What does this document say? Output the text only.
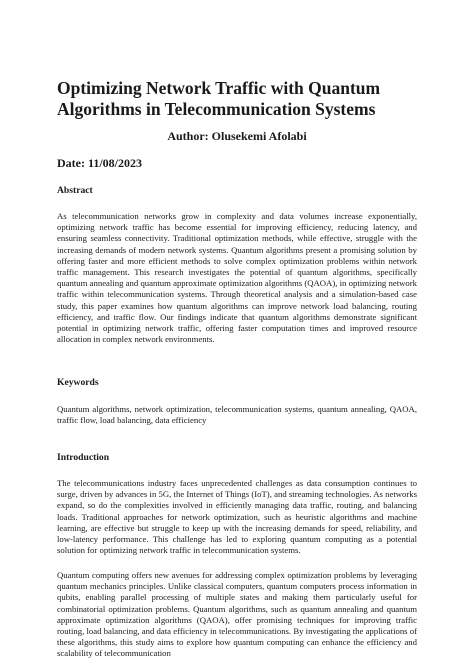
Optimizing Network Traffic with Quantum Algorithms in Telecommunication Systems
Author: Olusekemi Afolabi
Date: 11/08/2023
Abstract

As telecommunication networks grow in complexity and data volumes increase exponentially, optimizing network traffic has become essential for improving efficiency, reducing latency, and ensuring seamless connectivity. Traditional optimization methods, while effective, struggle with the increasing demands of modern network systems. Quantum algorithms present a promising solution by offering faster and more efficient methods to solve complex optimization problems within network traffic management. This research investigates the potential of quantum algorithms, specifically quantum annealing and quantum approximate optimization algorithms (QAOA), in optimizing network traffic within telecommunication systems. Through theoretical analysis and a simulation-based case study, this paper examines how quantum algorithms can improve network load balancing, routing efficiency, and traffic flow. Our findings indicate that quantum algorithms demonstrate significant potential in optimizing network traffic, offering faster computation times and improved resource allocation in complex network environments.

Keywords

Quantum algorithms, network optimization, telecommunication systems, quantum annealing, QAOA, traffic flow, load balancing, data efficiency

Introduction

The telecommunications industry faces unprecedented challenges as data consumption continues to surge, driven by advances in 5G, the Internet of Things (IoT), and streaming technologies. As networks expand, so do the complexities involved in efficiently managing data traffic, routing, and balancing loads. Traditional approaches for network optimization, such as heuristic algorithms and machine learning, are effective but struggle to keep up with the increasing demands for speed, reliability, and low-latency performance. This challenge has led to exploring quantum computing as a potential solution for optimizing network traffic in telecommunication systems.

Quantum computing offers new avenues for addressing complex optimization problems by leveraging quantum mechanics principles. Unlike classical computers, quantum computers process information in qubits, enabling parallel processing of multiple states and making them particularly useful for combinatorial optimization problems. Quantum algorithms, such as quantum annealing and quantum approximate optimization algorithms (QAOA), offer promising techniques for improving traffic routing, load balancing, and data efficiency in telecommunications. By investigating the applications of these algorithms, this study aims to explore how quantum computing can enhance the efficiency and scalability of telecommunication
